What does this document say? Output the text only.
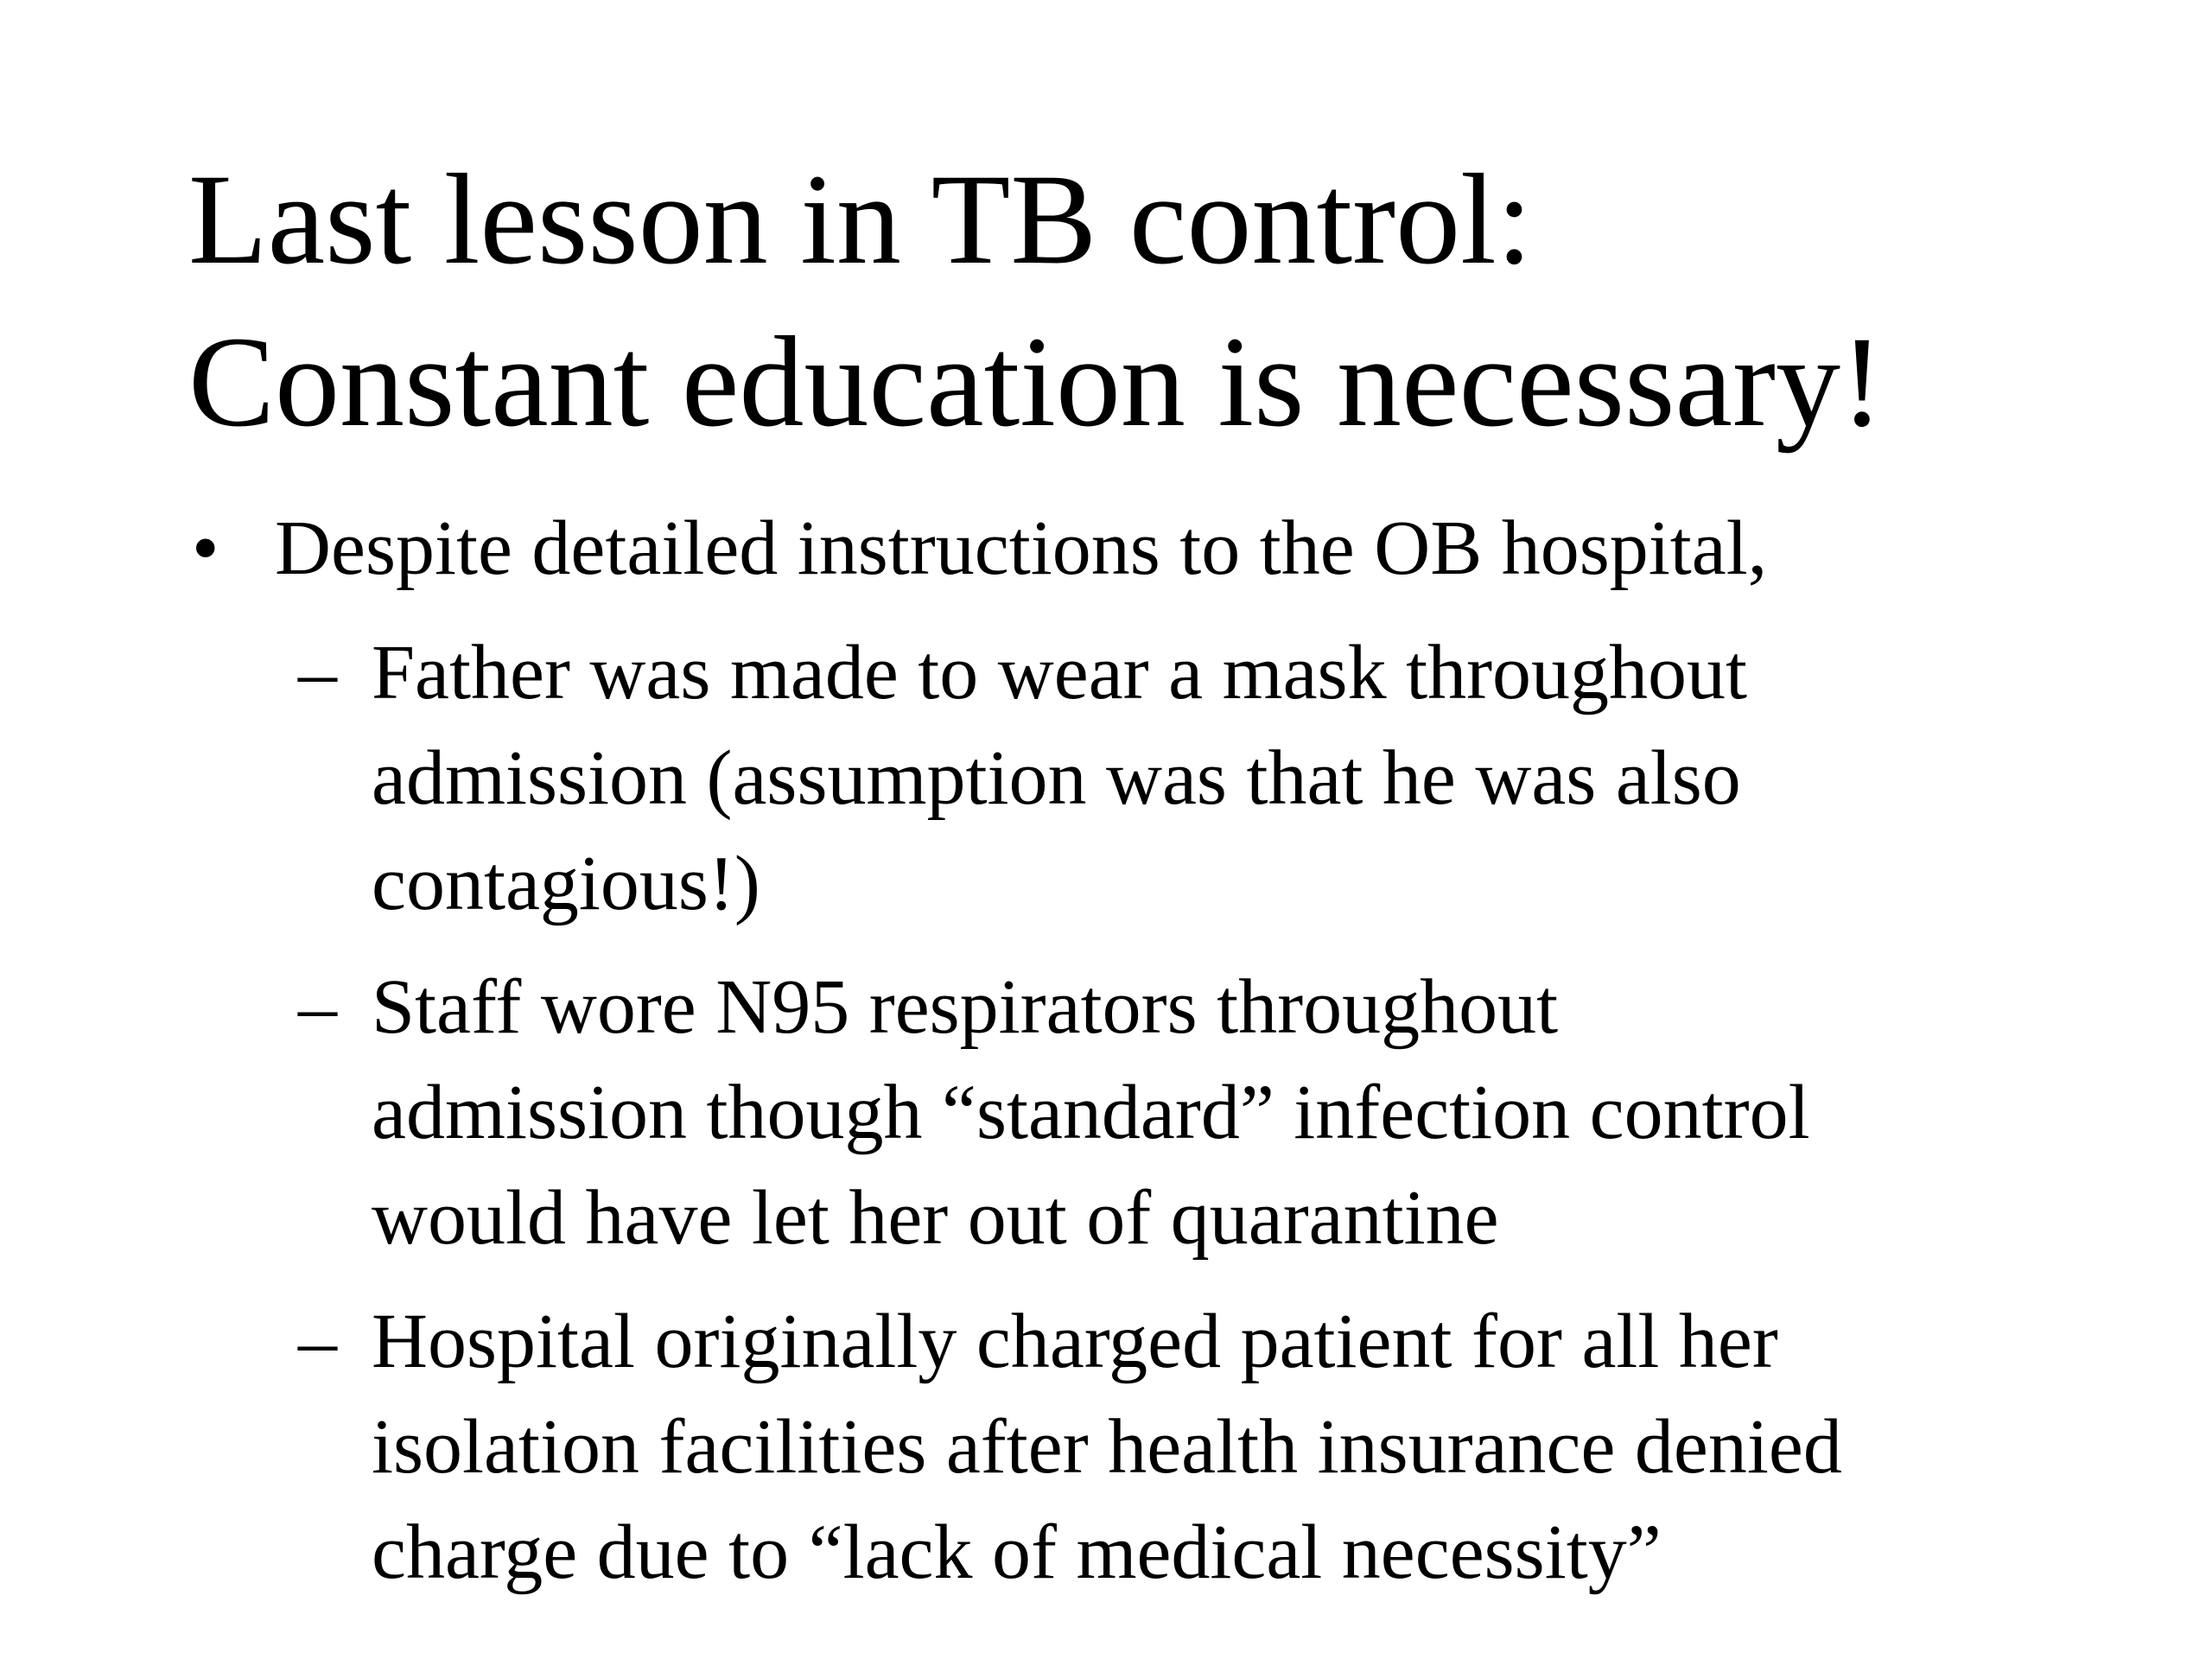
Last lesson in TB control:
Constant education is necessary!
• Despite detailed instructions to the OB hospital,
– Father was made to wear a mask throughout
admission (assumption was that he was also
contagious!)
– Staff wore N95 respirators throughout
admission though “standard” infection control
would have let her out of quarantine
– Hospital originally charged patient for all her
isolation facilities after health insurance denied
charge due to “lack of medical necessity”
